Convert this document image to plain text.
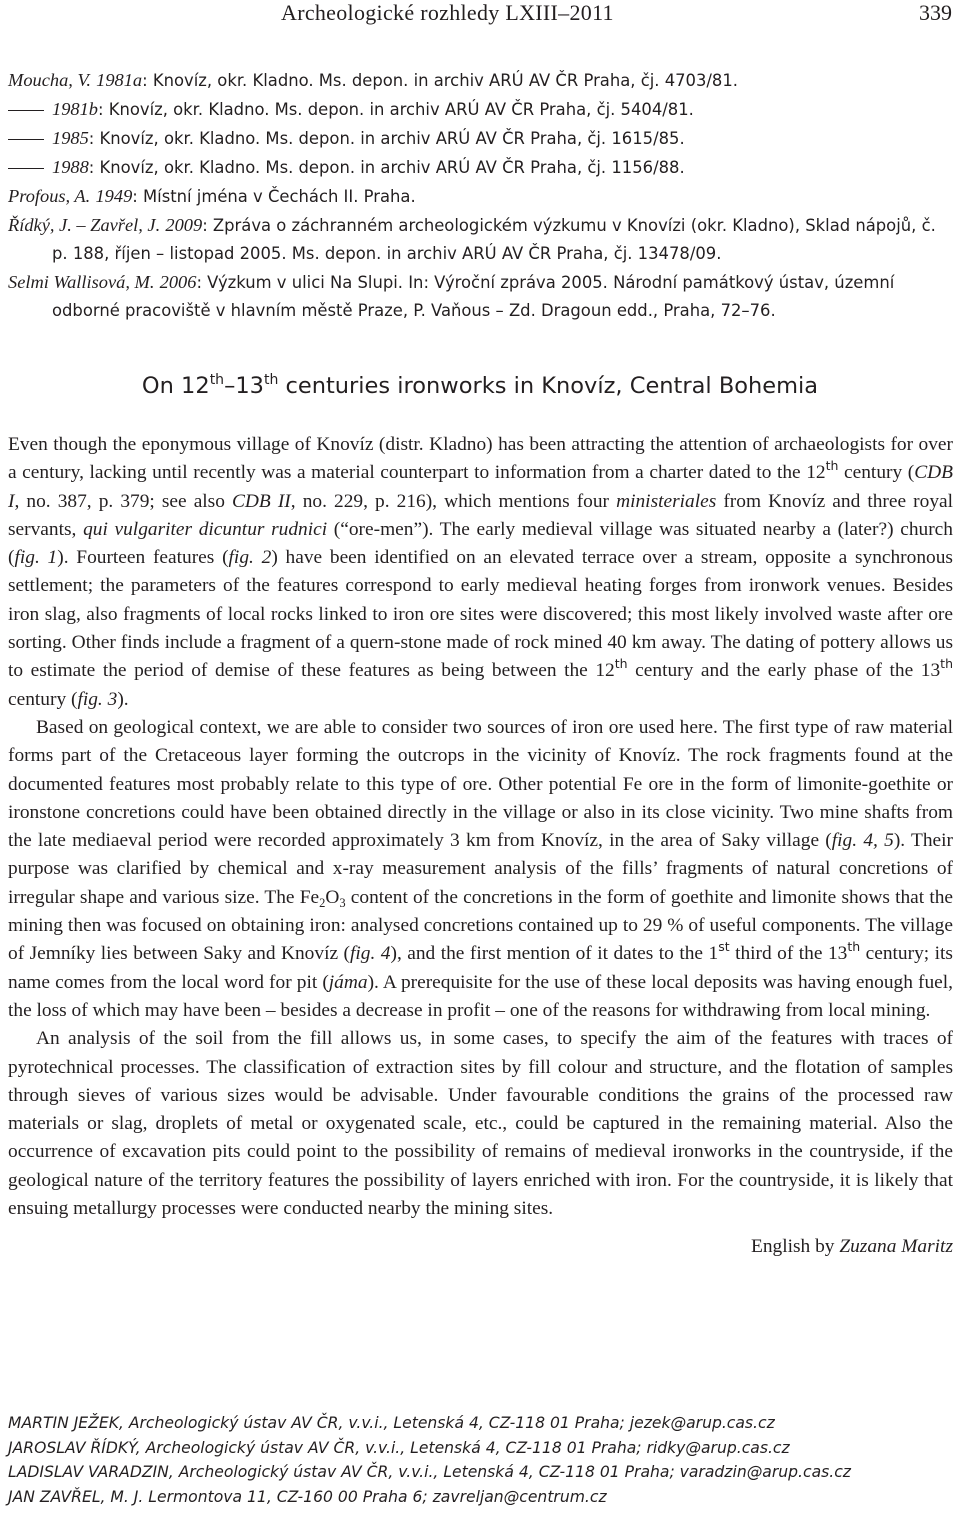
Archeologické rozhledy LXIII–2011	339
Moucha, V. 1981a: Knovíz, okr. Kladno. Ms. depon. in archiv ARÚ AV ČR Praha, čj. 4703/81.
1981b: Knovíz, okr. Kladno. Ms. depon. in archiv ARÚ AV ČR Praha, čj. 5404/81.
1985: Knovíz, okr. Kladno. Ms. depon. in archiv ARÚ AV ČR Praha, čj. 1615/85.
1988: Knovíz, okr. Kladno. Ms. depon. in archiv ARÚ AV ČR Praha, čj. 1156/88.
Profous, A. 1949: Místní jména v Čechách II. Praha.
Řídký, J. – Zavřel, J. 2009: Zpráva o záchranném archeologickém výzkumu v Knovízi (okr. Kladno), Sklad nápojů, č. p. 188, říjen – listopad 2005. Ms. depon. in archiv ARÚ AV ČR Praha, čj. 13478/09.
Selmi Wallisová, M. 2006: Výzkum v ulici Na Slupi. In: Výroční zpráva 2005. Národní památkový ústav, územní odborné pracoviště v hlavním městě Praze, P. Vaňous – Zd. Dragoun edd., Praha, 72–76.
On 12th–13th centuries ironworks in Knovíz, Central Bohemia

Even though the eponymous village of Knovíz (distr. Kladno) has been attracting the attention of archaeologists for over a century, lacking until recently was a material counterpart to information from a charter dated to the 12th century (CDB I, no. 387, p. 379; see also CDB II, no. 229, p. 216), which mentions four ministeriales from Knovíz and three royal servants, qui vulgariter dicuntur rudnici (“ore-men”). The early medieval village was situated nearby a (later?) church (fig. 1). Fourteen features (fig. 2) have been identified on an elevated terrace over a stream, opposite a synchronous settlement; the parameters of the features correspond to early medieval heating forges from ironwork venues. Besides iron slag, also fragments of local rocks linked to iron ore sites were discovered; this most likely involved waste after ore sorting. Other finds include a fragment of a quern-stone made of rock mined 40 km away. The dating of pottery allows us to estimate the period of demise of these features as being between the 12th century and the early phase of the 13th century (fig. 3).

Based on geological context, we are able to consider two sources of iron ore used here. The first type of raw material forms part of the Cretaceous layer forming the outcrops in the vicinity of Knovíz. The rock fragments found at the documented features most probably relate to this type of ore. Other potential Fe ore in the form of limonite-goethite or ironstone concretions could have been obtained directly in the village or also in its close vicinity. Two mine shafts from the late mediaeval period were recorded approximately 3 km from Knovíz, in the area of Saky village (fig. 4, 5). Their purpose was clarified by chemical and x-ray measurement analysis of the fills’ fragments of natural concretions of irregular shape and various size. The $Fe_2O_3$ content of the concretions in the form of goethite and limonite shows that the mining then was focused on obtaining iron: analysed concretions contained up to 29 % of useful components. The village of Jemníky lies between Saky and Knovíz (fig. 4), and the first mention of it dates to the 1st third of the 13th century; its name comes from the local word for pit (jáma). A prerequisite for the use of these local deposits was having enough fuel, the loss of which may have been – besides a decrease in profit – one of the reasons for withdrawing from local mining.

An analysis of the soil from the fill allows us, in some cases, to specify the aim of the features with traces of pyrotechnical processes. The classification of extraction sites by fill colour and structure, and the flotation of samples through sieves of various sizes would be advisable. Under favourable conditions the grains of the processed raw materials or slag, droplets of metal or oxygenated scale, etc., could be captured in the remaining material. Also the occurrence of excavation pits could point to the possibility of remains of medieval ironworks in the countryside, if the geological nature of the territory features the possibility of layers enriched with iron. For the countryside, it is likely that ensuing metallurgy processes were conducted nearby the mining sites.

English by Zuzana Maritz
MARTIN JEŽEK, Archeologický ústav AV ČR, v.v.i., Letenská 4, CZ-118 01 Praha; jezek@arup.cas.cz
JAROSLAV ŘÍDKÝ, Archeologický ústav AV ČR, v.v.i., Letenská 4, CZ-118 01 Praha; ridky@arup.cas.cz
LADISLAV VARADZIN, Archeologický ústav AV ČR, v.v.i., Letenská 4, CZ-118 01 Praha; varadzin@arup.cas.cz
JAN ZAVŘEL, M. J. Lermontova 11, CZ-160 00 Praha 6; zavreljan@centrum.cz
